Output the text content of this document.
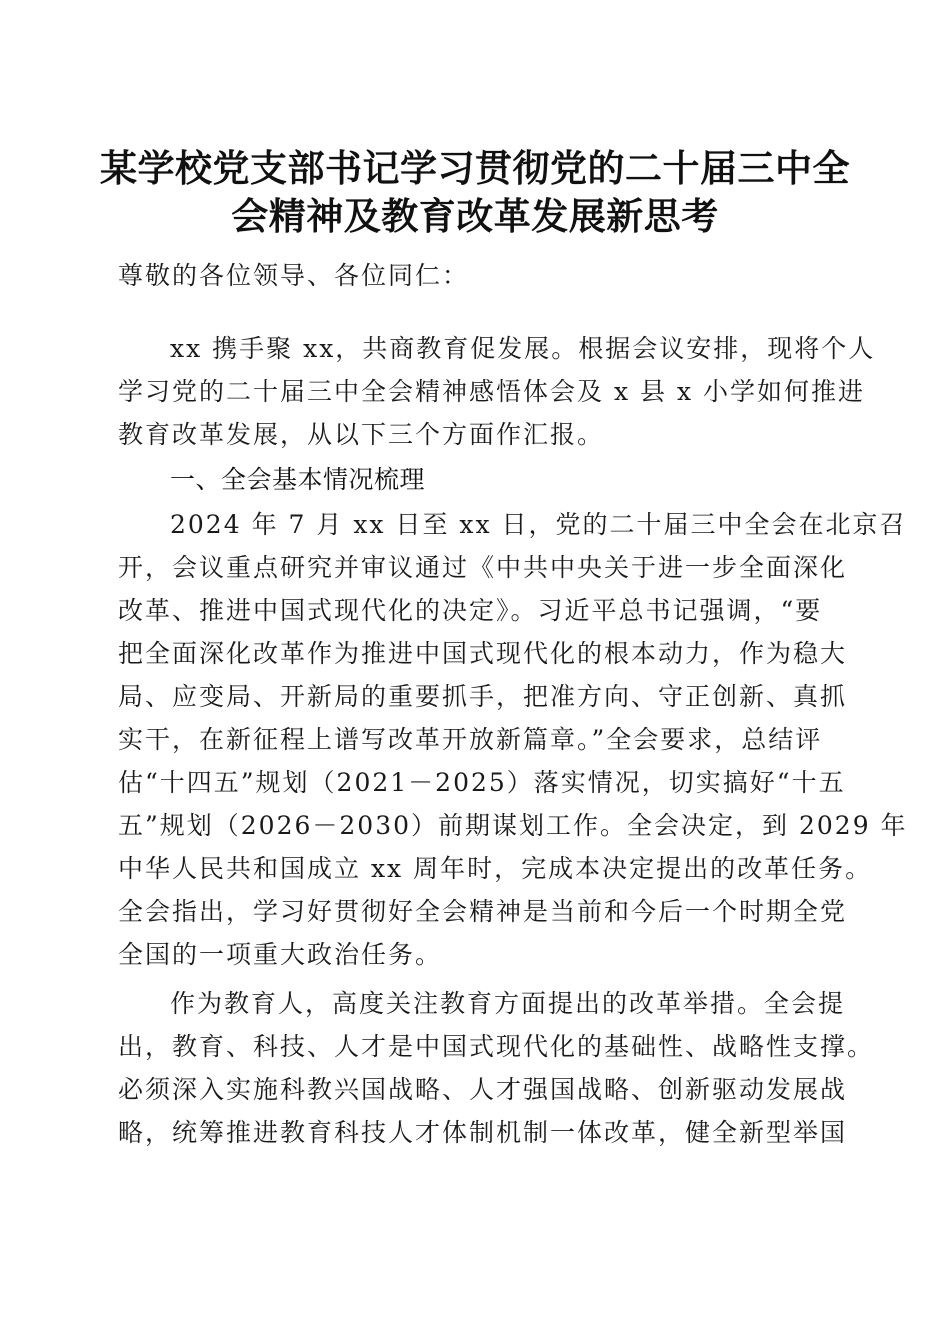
某学校党支部书记学习贯彻党的二十届三中全
会精神及教育改革发展新思考
尊敬的各位领导、各位同仁：
xx 携手聚 xx，共商教育促发展。根据会议安排，现将个人
学习党的二十届三中全会精神感悟体会及 x 县 x 小学如何推进
教育改革发展，从以下三个方面作汇报。
一、全会基本情况梳理
2024 年 7 月 xx 日至 xx 日，党的二十届三中全会在北京召
开，会议重点研究并审议通过《中共中央关于进一步全面深化
改革、推进中国式现代化的决定》。习近平总书记强调，“要
把全面深化改革作为推进中国式现代化的根本动力，作为稳大
局、应变局、开新局的重要抓手，把准方向、守正创新、真抓
实干，在新征程上谱写改革开放新篇章。”全会要求，总结评
估“十四五”规划（2021－2025）落实情况，切实搞好“十五
五”规划（2026－2030）前期谋划工作。全会决定，到 2029 年
中华人民共和国成立 xx 周年时，完成本决定提出的改革任务。
全会指出，学习好贯彻好全会精神是当前和今后一个时期全党
全国的一项重大政治任务。
作为教育人，高度关注教育方面提出的改革举措。全会提
出，教育、科技、人才是中国式现代化的基础性、战略性支撑。
必须深入实施科教兴国战略、人才强国战略、创新驱动发展战
略，统筹推进教育科技人才体制机制一体改革，健全新型举国
